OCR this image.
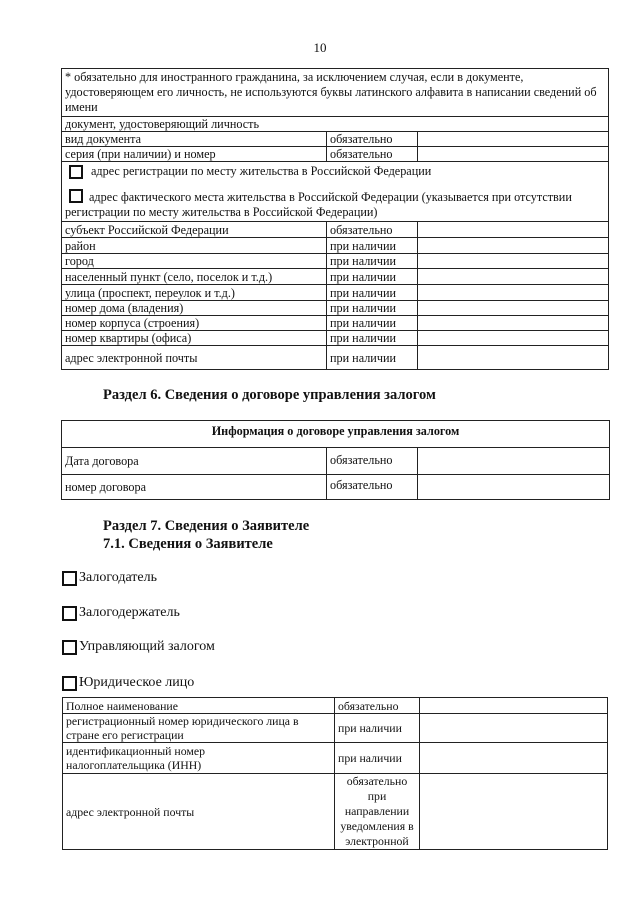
10
* обязательно для иностранного гражданина, за исключением случая, если в документе, удостоверяющем его личность, не используются буквы латинского алфавита в написании сведений об имени		
документ, удостоверяющий личность		
вид документа	обязательно	
серия (при наличии) и номер	обязательно	

адрес регистрации по месту жительства в Российской Федерации
адрес фактического места жительства в Российской Федерации (указывается при отсутствии регистрации по месту жительства в Российской Федерации)		

субъект Российской Федерации	обязательно	
район	при наличии	
город	при наличии	
населенный пункт (село, поселок и т.д.)	при наличии	
улица (проспект, переулок и т.д.)	при наличии	
номер дома (владения)	при наличии	
номер корпуса (строения)	при наличии	
номер квартиры (офиса)	при наличии	
адрес электронной почты	при наличии	
Раздел 6. Сведения о договоре управления залогом
Информация о договоре управления залогом		
Дата договора	обязательно	
номер договора	обязательно	
Раздел 7. Сведения о Заявителе
7.1. Сведения о Заявителе
Залогодатель
Залогодержатель
Управляющий залогом
Юридическое лицо
Полное наименование	обязательно	
регистрационный номер юридического лица в стране его регистрации	при наличии	
идентификационный номер налогоплательщика (ИНН)	при наличии	
адрес электронной почты	обязательно при направлении уведомления в электронной	
